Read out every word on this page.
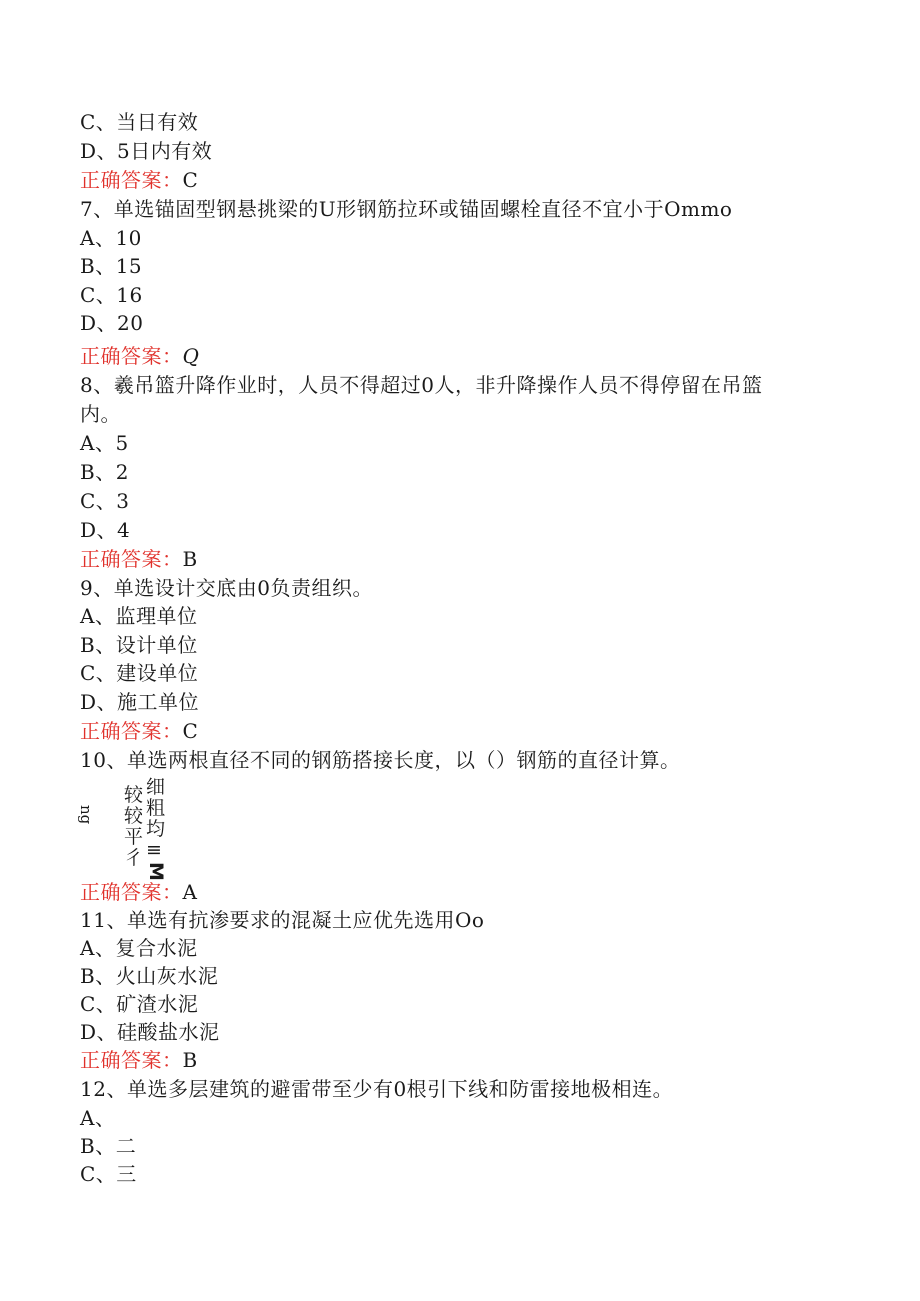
C、当日有效
D、5日内有效
正确答案：C
7、单选锚固型钢悬挑梁的U形钢筋拉环或锚固螺栓直径不宜小于Ommo
A、10
B、15
C、16
D、20
正确答案：Q
8、羲吊篮升降作业时，人员不得超过0人，非升降操作人员不得停留在吊篮
内。
A、5
B、2
C、3
D、4
正确答案：B
9、单选设计交底由0负责组织。
A、监理单位
B、设计单位
C、建设单位
D、施工单位
正确答案：C
10、单选两根直径不同的钢筋搭接长度，以（）钢筋的直径计算。
ng
较
较
平
彳
细
粗
均
≡
M
正确答案：A
11、单选有抗渗要求的混凝土应优先选用Oo
A、复合水泥
B、火山灰水泥
C、矿渣水泥
D、硅酸盐水泥
正确答案：B
12、单选多层建筑的避雷带至少有0根引下线和防雷接地极相连。
A、
B、二
C、三
